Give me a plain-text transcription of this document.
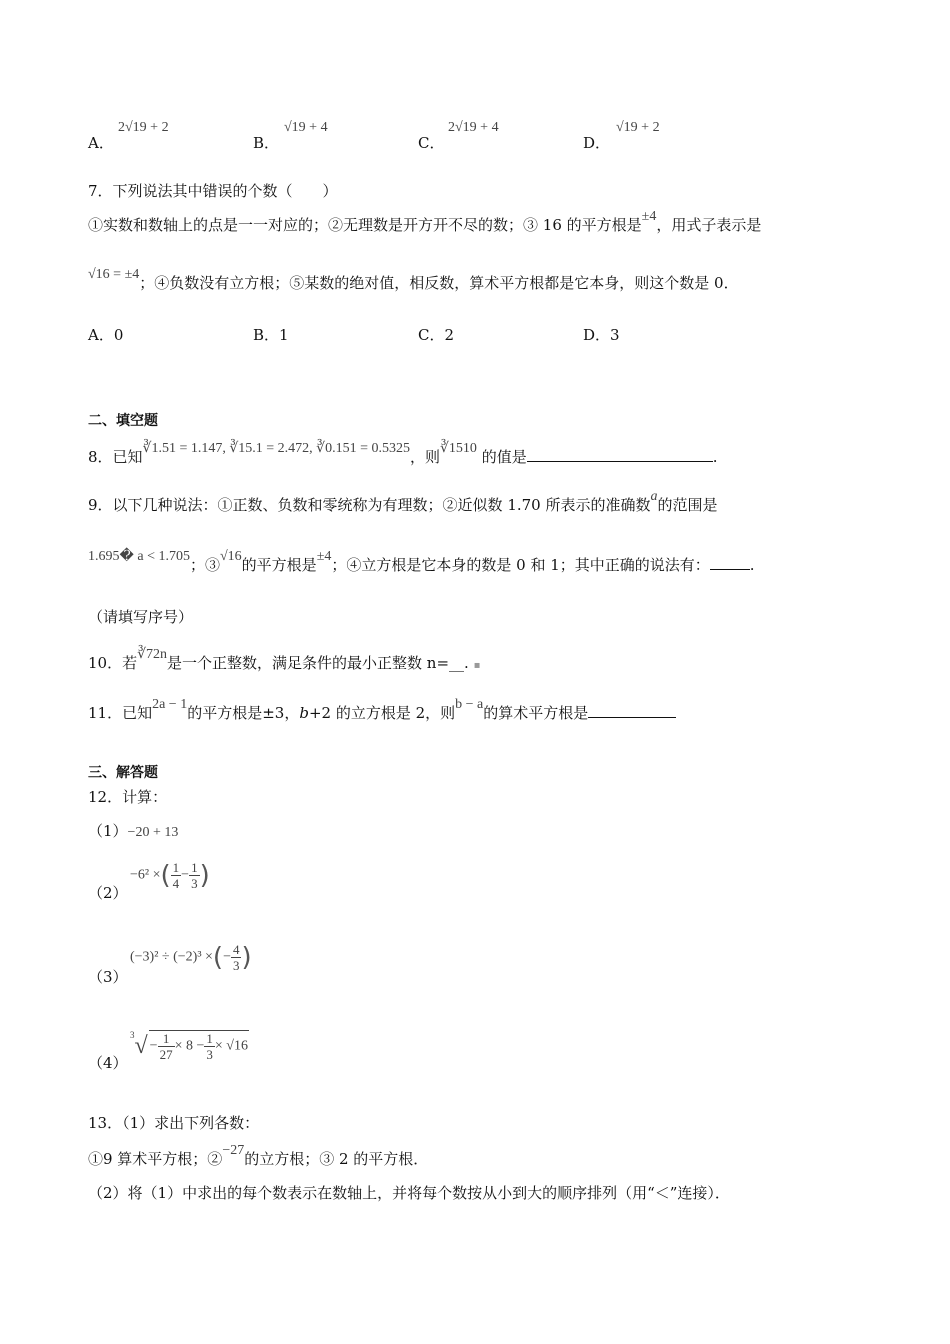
A．
2√19 + 2
B．
√19 + 4
C．
2√19 + 4
D．
√19 + 2
7．下列说法其中错误的个数（　　）
①实数和数轴上的点是一一对应的；②无理数是开方开不尽的数；③ 16 的平方根是±4，用式子表示是
√16 = ±4；④负数没有立方根；⑤某数的绝对值，相反数，算术平方根都是它本身，则这个数是 0．
A．0	B．1	C．2	D．3
二、填空题
8．已知∛1.51 = 1.147, ∛15.1 = 2.472, ∛0.151 = 0.5325，则∛1510 的值是	.
9．以下几种说法：①正数、负数和零统称为有理数；②近似数 1.70 所表示的准确数a的范围是
1.695� a < 1.705；③√16的平方根是±4；④立方根是它本身的数是 0 和 1；其中正确的说法有：	.
（请填写序号）
10．若∛72n是一个正整数，满足条件的最小正整数 n=__. ▪
11．已知2a − 1的平方根是±3，b+2 的立方根是 2，则b − a的算术平方根是
三、解答题
12．计算：
（1）−20 + 13
（2）
−6² ×( $\frac{1}{4} - \frac{1}{3}$ )
（3）
(−3)² ÷ (−2)³ ×(− $\frac{4}{3}$ )
（4）
$^3√ - \frac{1}{27} \times 8 - \frac{1}{3} \times √16$
13．（1）求出下列各数：
①9 算术平方根；②−27的立方根；③ 2 的平方根．
（2）将（1）中求出的每个数表示在数轴上，并将每个数按从小到大的顺序排列（用“＜”连接）．
